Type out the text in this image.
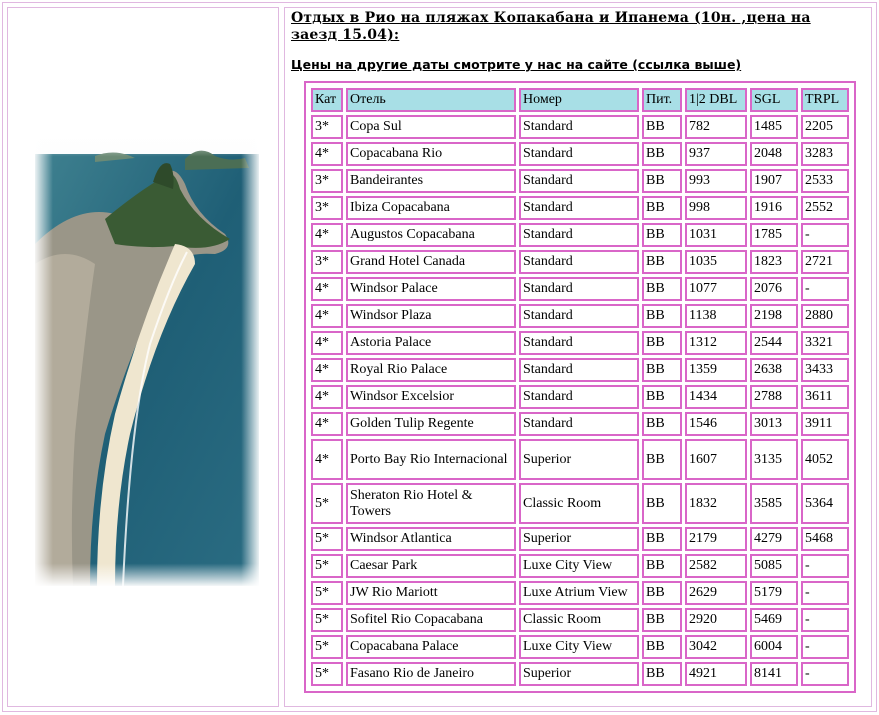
Отдых в Рио на пляжах Копакабана и Ипанема (10н. ,цена на заезд 15.04):
Цены на другие даты смотрите у нас на сайте (ссылка выше)
Кат	Отель	Номер	Пит.	1|2 DBL	SGL	TRPL
3*	Copa Sul	Standard	BB	782	1485	2205
4*	Copacabana Rio	Standard	BB	937	2048	3283
3*	Bandeirantes	Standard	BB	993	1907	2533
3*	Ibiza Copacabana	Standard	BB	998	1916	2552
4*	Augustos Copacabana	Standard	BB	1031	1785	-
3*	Grand Hotel Canada	Standard	BB	1035	1823	2721
4*	Windsor Palace	Standard	BB	1077	2076	-
4*	Windsor Plaza	Standard	BB	1138	2198	2880
4*	Astoria Palace	Standard	BB	1312	2544	3321
4*	Royal Rio Palace	Standard	BB	1359	2638	3433
4*	Windsor Excelsior	Standard	BB	1434	2788	3611
4*	Golden Tulip Regente	Standard	BB	1546	3013	3911
4*	Porto Bay Rio Internacional	Superior	BB	1607	3135	4052
5*	Sheraton Rio Hotel & Towers	Classic Room	BB	1832	3585	5364
5*	Windsor Atlantica	Superior	BB	2179	4279	5468
5*	Caesar Park	Luxe City View	BB	2582	5085	-
5*	JW Rio Mariott	Luxe Atrium View	BB	2629	5179	-
5*	Sofitel Rio Copacabana	Classic Room	BB	2920	5469	-
5*	Copacabana Palace	Luxe City View	BB	3042	6004	-
5*	Fasano Rio de Janeiro	Superior	BB	4921	8141	-
